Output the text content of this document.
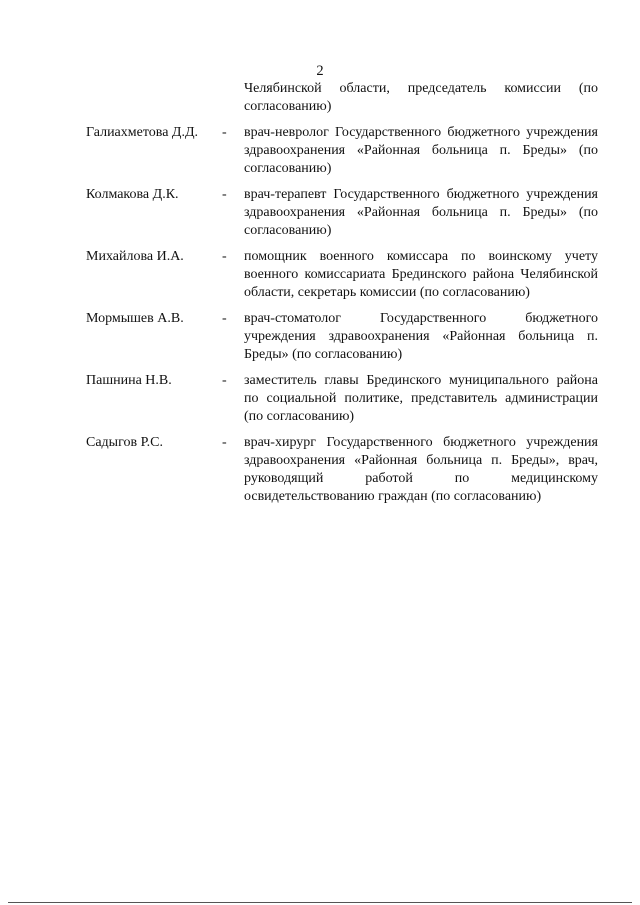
2
Челябинской области, председатель комиссии (по согласованию)
Галиахметова Д.Д.	-	врач-невролог Государственного бюджетного учреждения здравоохранения «Районная больница п. Бреды» (по согласованию)
Колмакова Д.К.	-	врач-терапевт Государственного бюджетного учреждения здравоохранения «Районная больница п. Бреды» (по согласованию)
Михайлова И.А.	-	помощник военного комиссара по воинскому учету военного комиссариата Брединского района Челябинской области, секретарь комиссии (по согласованию)
Мормышев А.В.	-	врач-стоматолог Государственного бюджетного учреждения здравоохранения «Районная больница п. Бреды» (по согласованию)
Пашнина Н.В.	-	заместитель главы Брединского муниципального района по социальной политике, представитель администрации (по согласованию)
Садыгов Р.С.	-	врач-хирург Государственного бюджетного учреждения здравоохранения «Районная больница п. Бреды», врач, руководящий работой по медицинскому освидетельствованию граждан (по согласованию)
